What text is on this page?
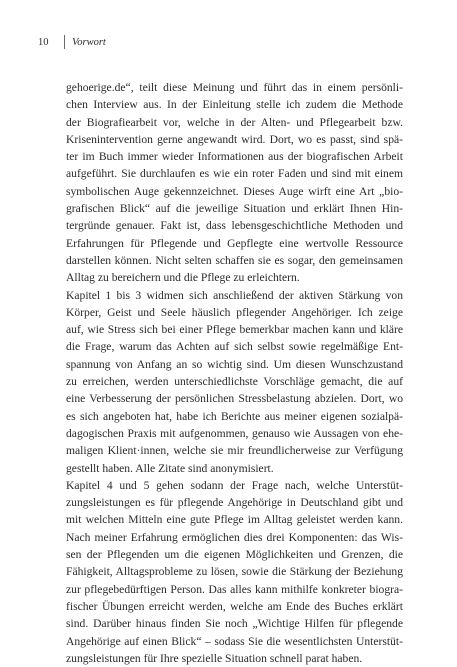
10	Vorwort
gehoerige.de“, teilt diese Meinung und führt das in einem persönli-
chen Interview aus. In der Einleitung stelle ich zudem die Methode
der Biografiearbeit vor, welche in der Alten- und Pflegearbeit bzw.
Krisenintervention gerne angewandt wird. Dort, wo es passt, sind spä-
ter im Buch immer wieder Informationen aus der biografischen Arbeit
aufgeführt. Sie durchlaufen es wie ein roter Faden und sind mit einem
symbolischen Auge gekennzeichnet. Dieses Auge wirft eine Art „bio-
grafischen Blick“ auf die jeweilige Situation und erklärt Ihnen Hin-
tergründe genauer. Fakt ist, dass lebensgeschichtliche Methoden und
Erfahrungen für Pflegende und Gepflegte eine wertvolle Ressource
darstellen können. Nicht selten schaffen sie es sogar, den gemeinsamen
Alltag zu bereichern und die Pflege zu erleichtern.
Kapitel 1 bis 3 widmen sich anschließend der aktiven Stärkung von
Körper, Geist und Seele häuslich pflegender Angehöriger. Ich zeige
auf, wie Stress sich bei einer Pflege bemerkbar machen kann und kläre
die Frage, warum das Achten auf sich selbst sowie regelmäßige Ent-
spannung von Anfang an so wichtig sind. Um diesen Wunschzustand
zu erreichen, werden unterschiedlichste Vorschläge gemacht, die auf
eine Verbesserung der persönlichen Stressbelastung abzielen. Dort, wo
es sich angeboten hat, habe ich Berichte aus meiner eigenen sozialpä-
dagogischen Praxis mit aufgenommen, genauso wie Aussagen von ehe-
maligen Klient·innen, welche sie mir freundlicherweise zur Verfügung
gestellt haben. Alle Zitate sind anonymisiert.
Kapitel 4 und 5 gehen sodann der Frage nach, welche Unterstüt-
zungsleistungen es für pflegende Angehörige in Deutschland gibt und
mit welchen Mitteln eine gute Pflege im Alltag geleistet werden kann.
Nach meiner Erfahrung ermöglichen dies drei Komponenten: das Wis-
sen der Pflegenden um die eigenen Möglichkeiten und Grenzen, die
Fähigkeit, Alltagsprobleme zu lösen, sowie die Stärkung der Beziehung
zur pflegebedürftigen Person. Das alles kann mithilfe konkreter biogra-
fischer Übungen erreicht werden, welche am Ende des Buches erklärt
sind. Darüber hinaus finden Sie noch „Wichtige Hilfen für pflegende
Angehörige auf einen Blick“ – sodass Sie die wesentlichsten Unterstüt-
zungsleistungen für Ihre spezielle Situation schnell parat haben.
